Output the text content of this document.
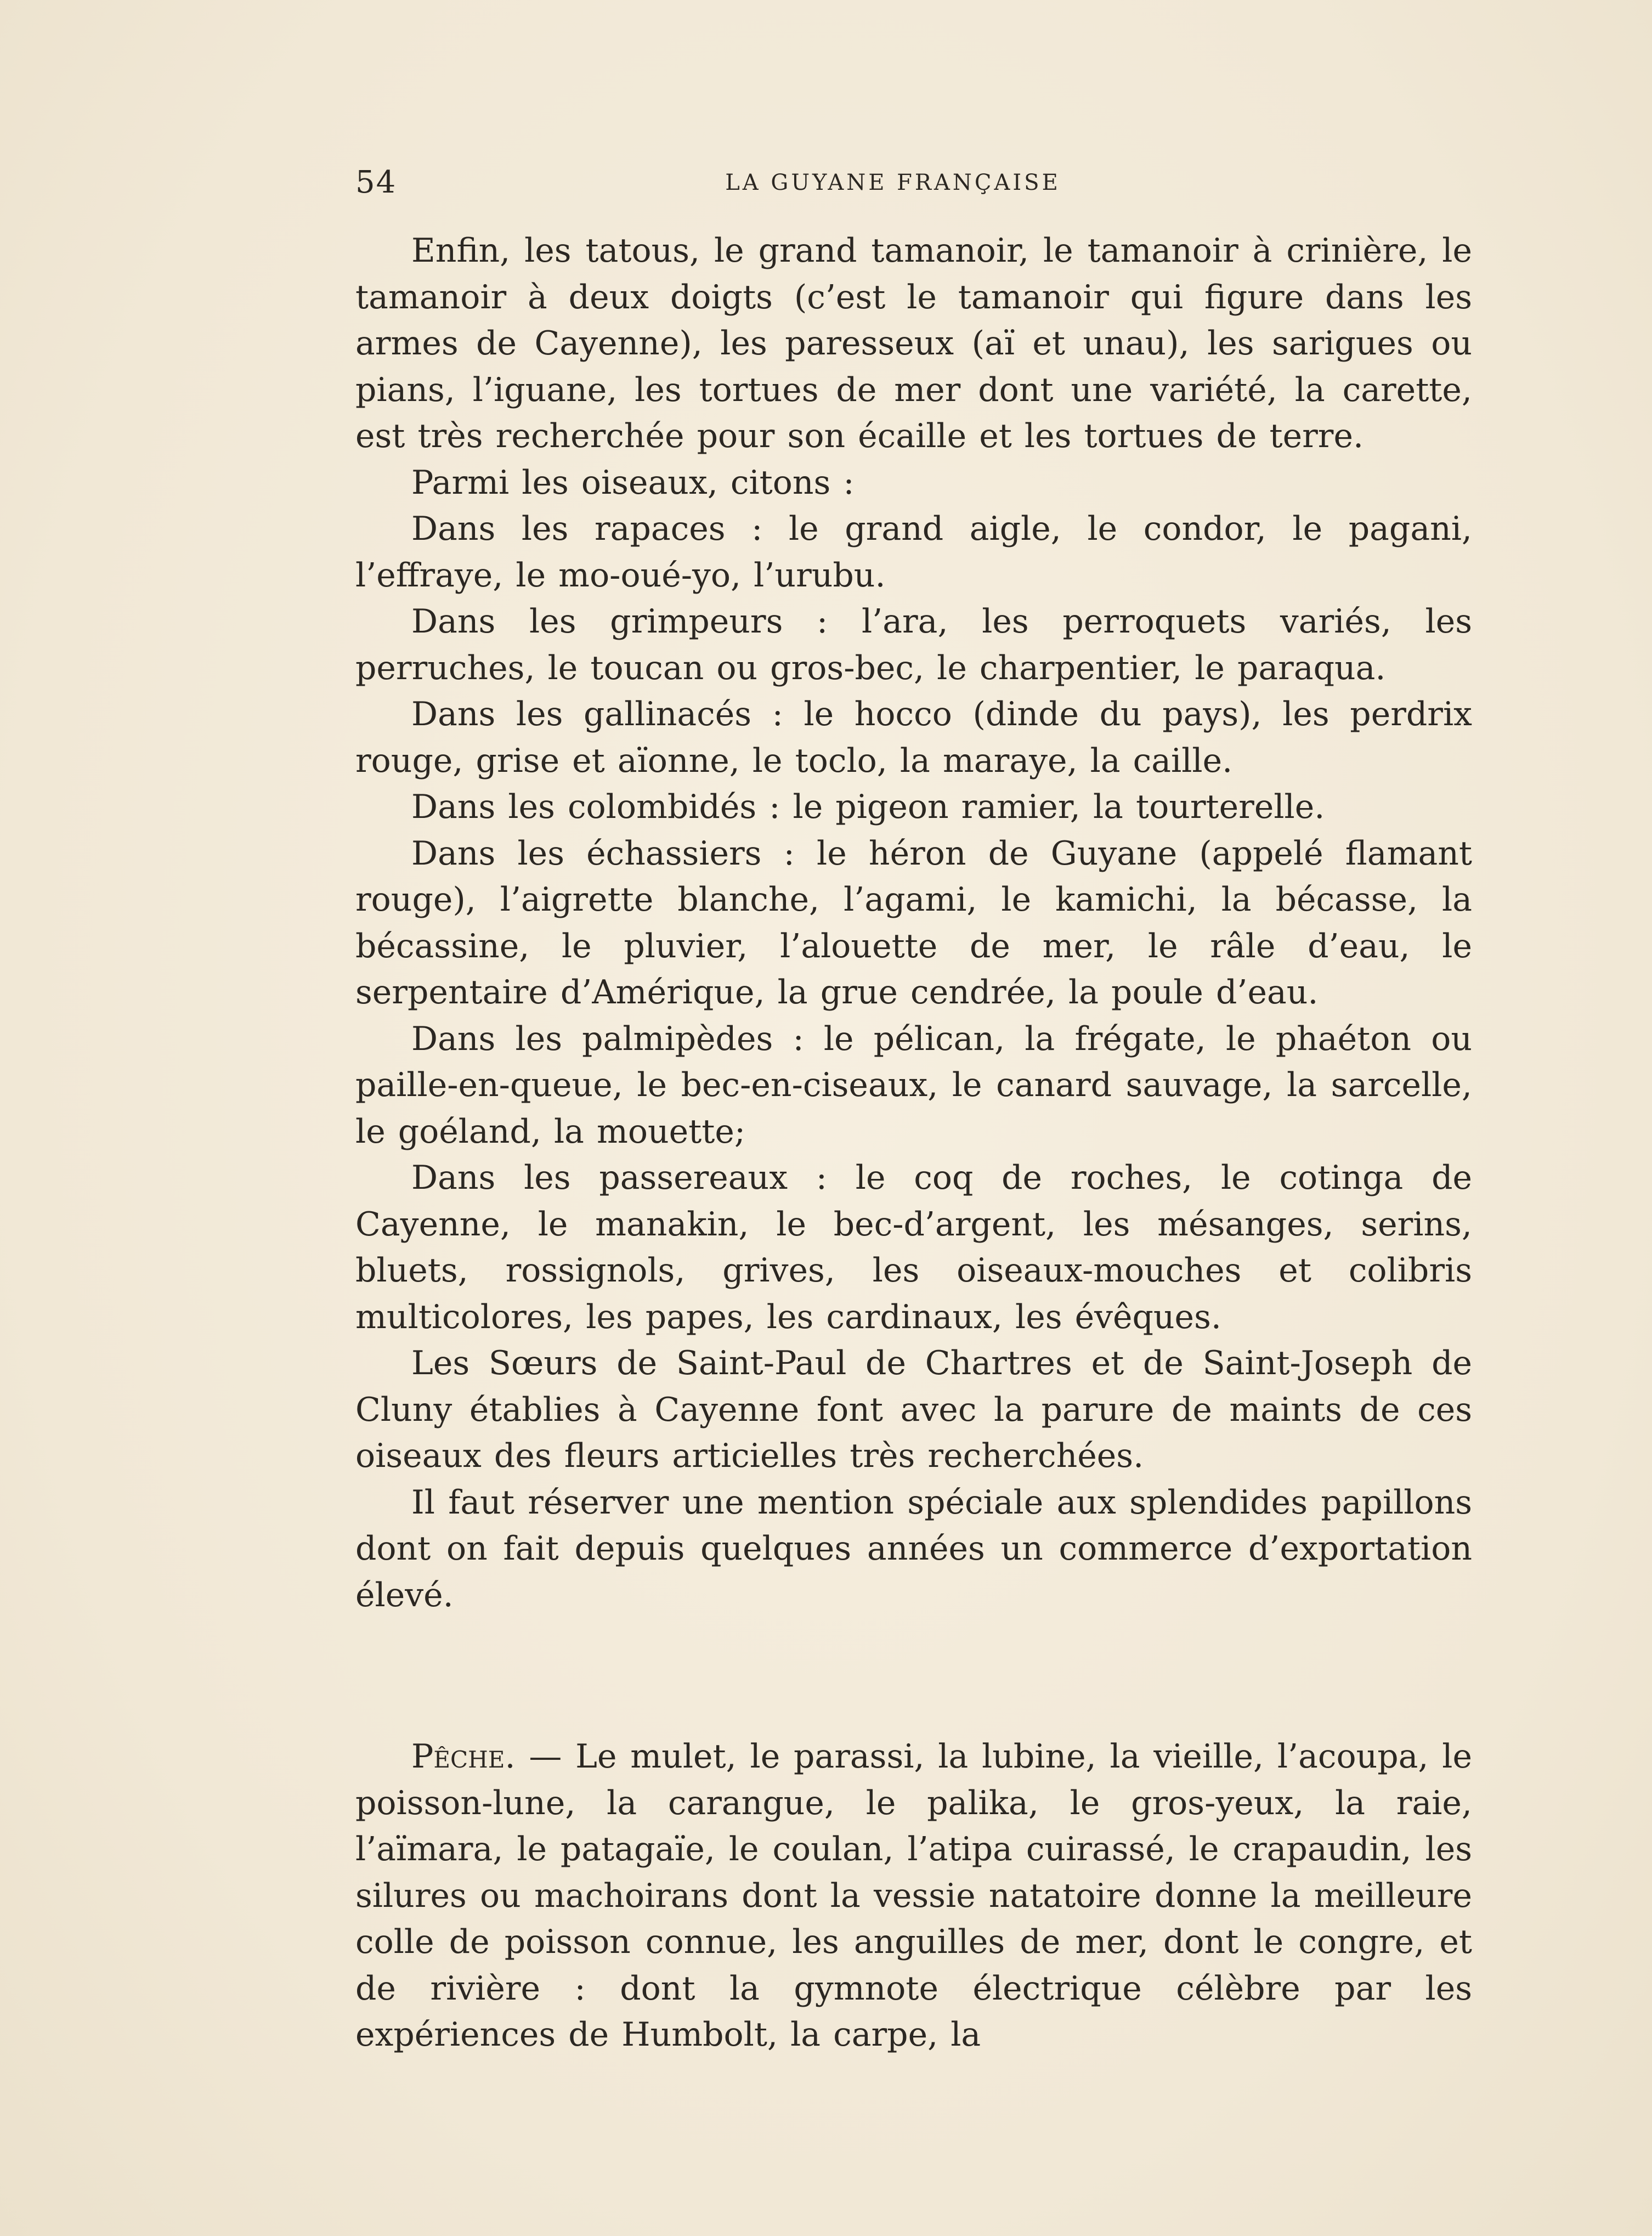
54	LA GUYANE FRANÇAISE

Enfin, les tatous, le grand tamanoir, le tamanoir à crinière, le tamanoir à deux doigts (c’est le tamanoir qui figure dans les armes de Cayenne), les paresseux (aï et unau), les sarigues ou pians, l’iguane, les tortues de mer dont une variété, la carette, est très recherchée pour son écaille et les tortues de terre.

Parmi les oiseaux, citons :

Dans les rapaces : le grand aigle, le condor, le pagani, l’effraye, le mo-oué-yo, l’urubu.

Dans les grimpeurs : l’ara, les perroquets variés, les perruches, le toucan ou gros-bec, le charpentier, le paraqua.

Dans les gallinacés : le hocco (dinde du pays), les perdrix rouge, grise et aïonne, le toclo, la maraye, la caille.

Dans les colombidés : le pigeon ramier, la tourterelle.

Dans les échassiers : le héron de Guyane (appelé flamant rouge), l’aigrette blanche, l’agami, le kamichi, la bécasse, la bécassine, le pluvier, l’alouette de mer, le râle d’eau, le serpentaire d’Amérique, la grue cendrée, la poule d’eau.

Dans les palmipèdes : le pélican, la frégate, le phaéton ou paille-en-queue, le bec-en-ciseaux, le canard sauvage, la sarcelle, le goéland, la mouette;

Dans les passereaux : le coq de roches, le cotinga de Cayenne, le manakin, le bec-d’argent, les mésanges, serins, bluets, rossignols, grives, les oiseaux-mouches et colibris multicolores, les papes, les cardinaux, les évêques.

Les Sœurs de Saint-Paul de Chartres et de Saint-Joseph de Cluny établies à Cayenne font avec la parure de maints de ces oiseaux des fleurs articielles très recherchées.

Il faut réserver une mention spéciale aux splendides papillons dont on fait depuis quelques années un commerce d’exportation élevé.

Pêche. — Le mulet, le parassi, la lubine, la vieille, l’acoupa, le poisson-lune, la carangue, le palika, le gros-yeux, la raie, l’aïmara, le patagaïe, le coulan, l’atipa cuirassé, le crapaudin, les silures ou machoirans dont la vessie natatoire donne la meilleure colle de poisson connue, les anguilles de mer, dont le congre, et de rivière : dont la gymnote électrique célèbre par les expériences de Humbolt, la carpe, la
